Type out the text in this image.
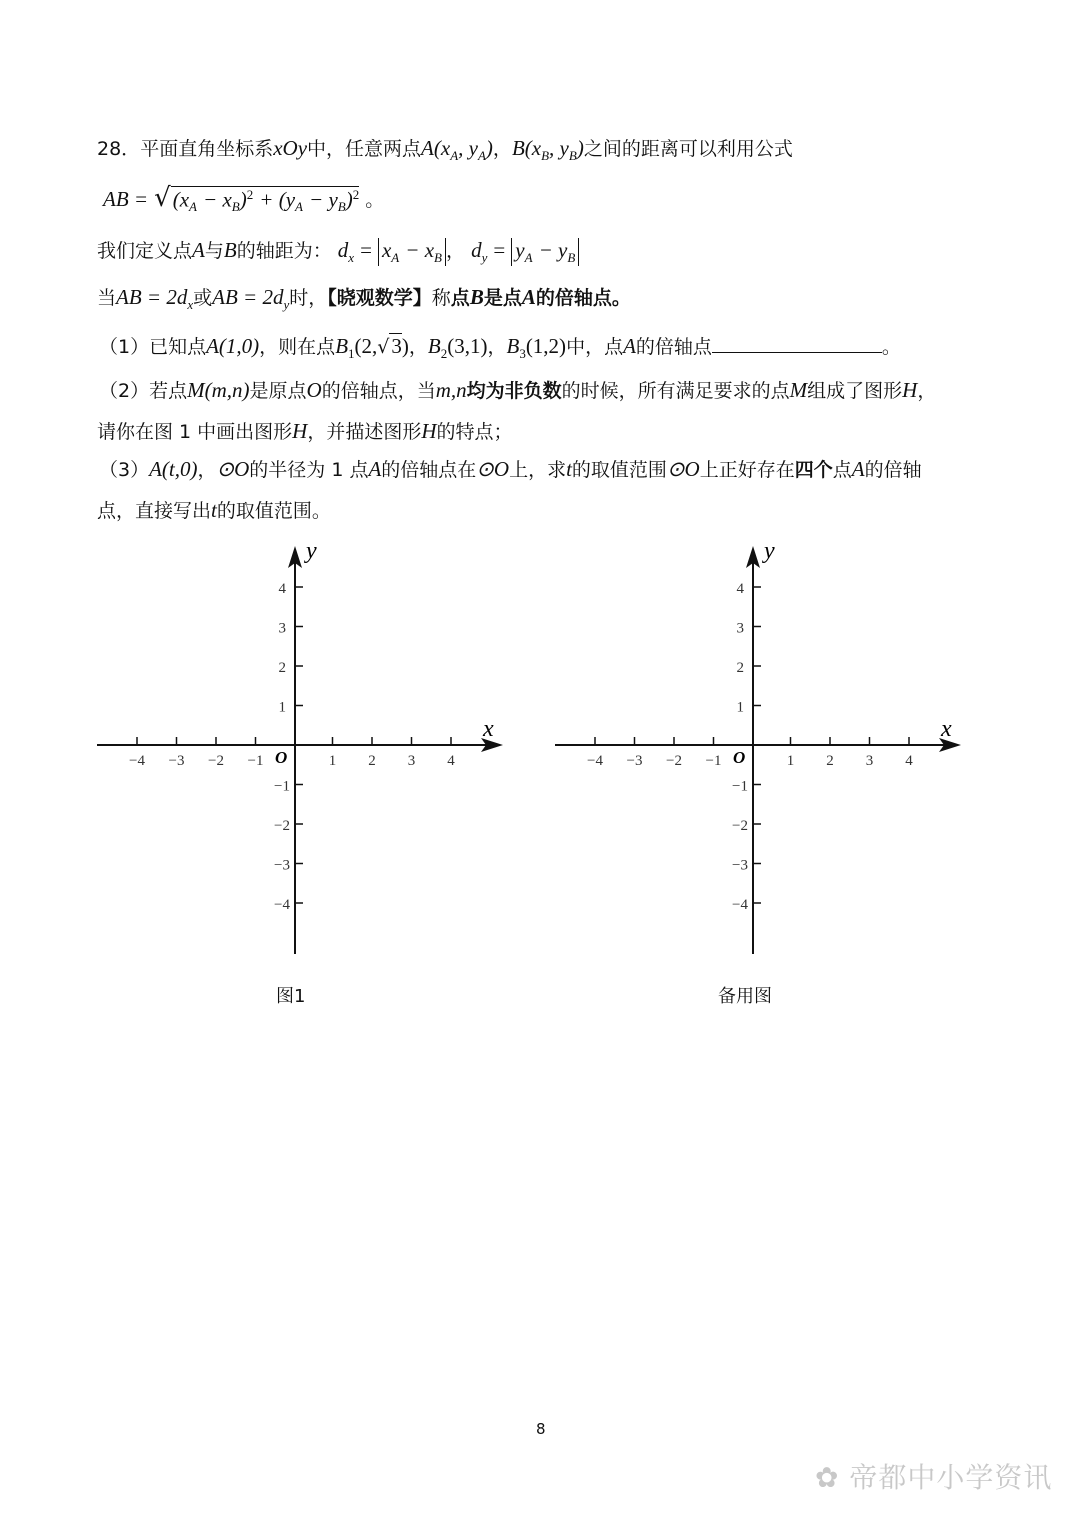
28．平面直角坐标系xOy中，任意两点$A(x_A$, $y_A$)，$B(x_B$, $y_B$)之间的距离可以利用公式
AB = $√(x_A - x_B)^2 + (y_A - y_B)^2$ 。
我们定义点A与B的轴距为： $d_x = x_A - x_B$ ， $d_y = y_A - y_B$
当AB = $2d_x$或AB = $2d_y$时，【晓观数学】称点B是点A的倍轴点。
（1）已知点A(1,0)，则在点$B_1(2,√3)$，$B_2(3,1)$，$B_3(1,2)$中，点A的倍轴点	。
（2）若点M(m,n)是原点O的倍轴点，当m,n均为非负数的时候，所有满足要求的点M组成了图形H，
请你在图 1 中画出图形H，并描述图形H的特点；
（3）A(t,0)，⊙O的半径为 1 点A的倍轴点在⊙O上，求t的取值范围⊙O上正好存在四个点A的倍轴
点，直接写出t的取值范围。
x
y
O
−4 −3 −2 −1	1 2 3 4
4
3
2
1
−1
−2
−3
−4
x
y
O
−4 −3 −2 −1	1 2 3 4
4
3
2
1
−1
−2
−3
−4
图1	备用图
8
✿ 帝都中小学资讯
